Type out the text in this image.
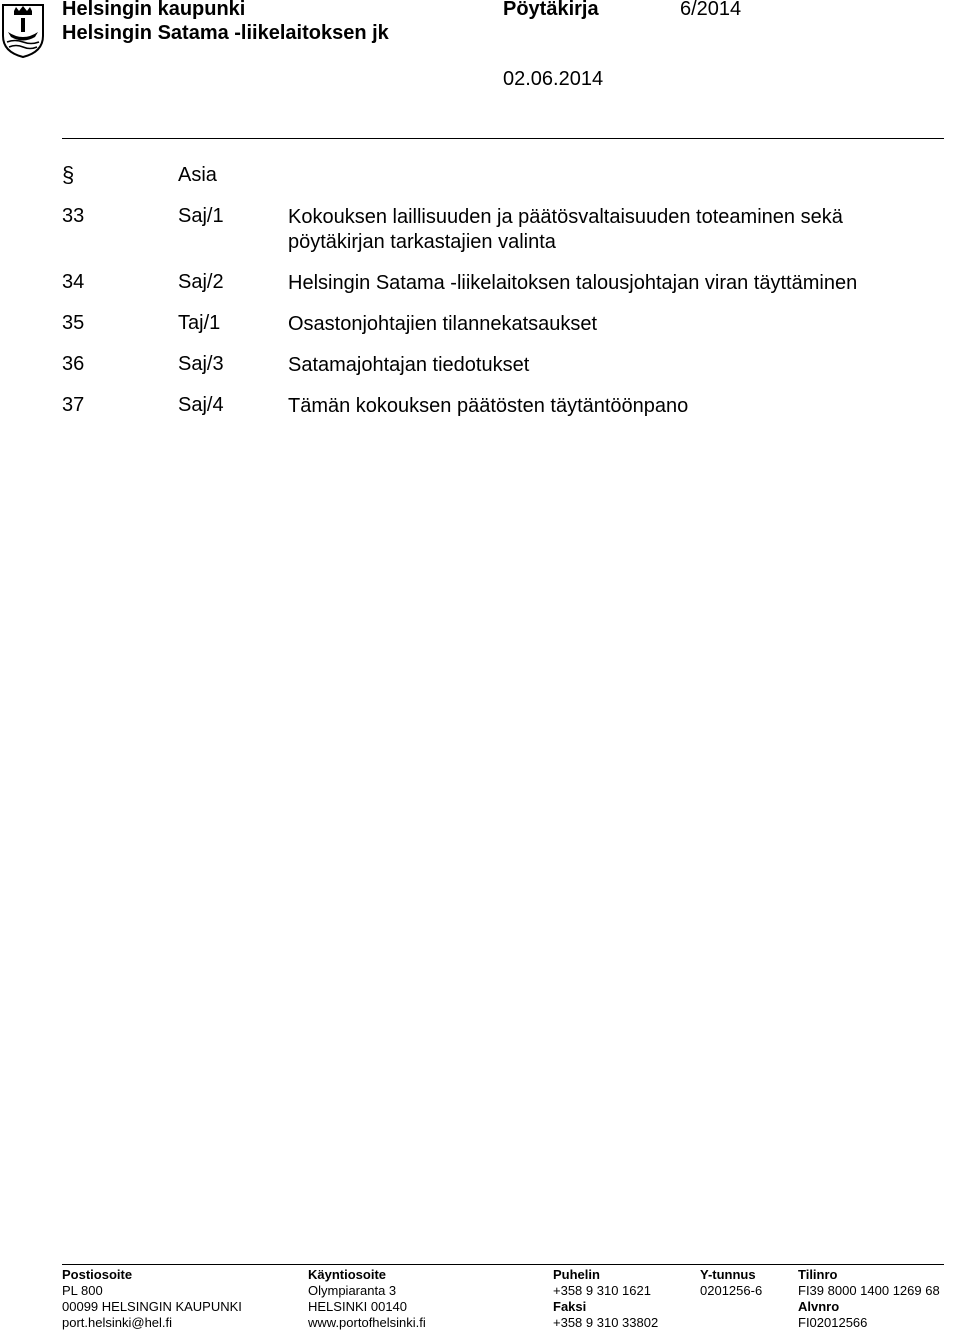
Helsingin kaupunki
Helsingin Satama -liikelaitoksen jk
Pöytäkirja	6/2014
02.06.2014
§	Asia
33	Saj/1	Kokouksen laillisuuden ja päätösvaltaisuuden toteaminen sekä pöytäkirjan tarkastajien valinta
34	Saj/2	Helsingin Satama -liikelaitoksen talousjohtajan viran täyttäminen
35	Taj/1	Osastonjohtajien tilannekatsaukset
36	Saj/3	Satamajohtajan tiedotukset
37	Saj/4	Tämän kokouksen päätösten täytäntöönpano
Postiosoite
PL 800
00099 HELSINGIN KAUPUNKI
port.helsinki@hel.fi
Käyntiosoite
Olympiaranta 3
HELSINKI 00140
www.portofhelsinki.fi
Puhelin
+358 9 310 1621
Faksi
+358 9 310 33802
Y-tunnus
0201256-6
Tilinro
FI39 8000 1400 1269 68
Alvnro
FI02012566
